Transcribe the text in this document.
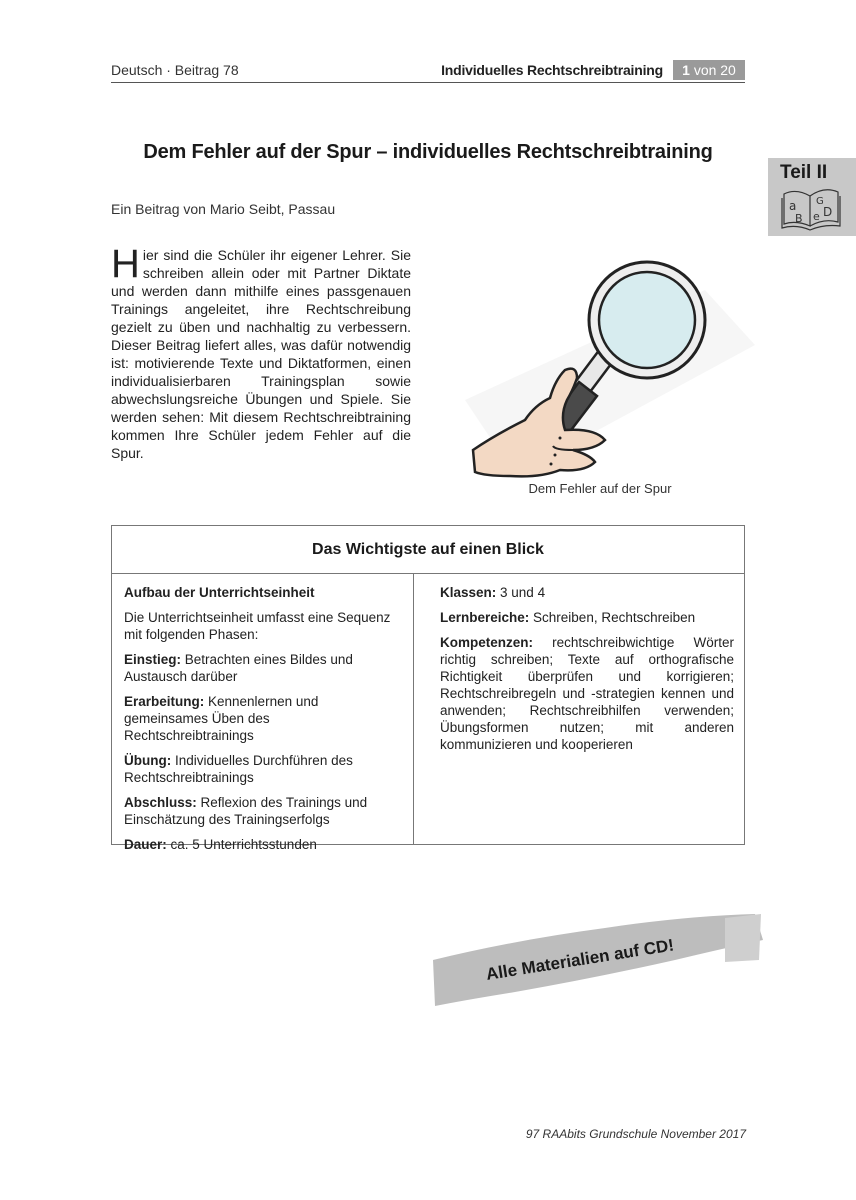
Deutsch · Beitrag 78	Individuelles Rechtschreibtraining	1 von 20
Teil II
a
B
G
e D
Dem Fehler auf der Spur – individuelles Rechtschreibtraining
Ein Beitrag von Mario Seibt, Passau
Hier sind die Schüler ihr eigener Lehrer. Sie schreiben allein oder mit Partner Diktate und werden dann mithilfe eines passgenauen Trainings angeleitet, ihre Rechtschreibung gezielt zu üben und nachhaltig zu verbessern. Dieser Beitrag liefert alles, was dafür notwendig ist: motivierende Texte und Diktatformen, einen individualisierbaren Trainingsplan sowie abwechslungsreiche Übungen und Spiele. Sie werden sehen: Mit diesem Rechtschreibtraining kommen Ihre Schüler jedem Fehler auf die Spur.
Dem Fehler auf der Spur
Das Wichtigste auf einen Blick

Aufbau der Unterrichtseinheit

Die Unterrichtseinheit umfasst eine Sequenz mit folgenden Phasen:

Einstieg: Betrachten eines Bildes und Austausch darüber

Erarbeitung: Kennenlernen und gemeinsames Üben des Rechtschreibtrainings

Übung: Individuelles Durchführen des Rechtschreibtrainings

Abschluss: Reflexion des Trainings und Einschätzung des Trainingserfolgs

Dauer: ca. 5 Unterrichtsstunden

Klassen: 3 und 4

Lernbereiche: Schreiben, Rechtschreiben

Kompetenzen: rechtschreibwichtige Wörter richtig schreiben; Texte auf orthografische Richtigkeit überprüfen und korrigieren; Rechtschreibregeln und -strategien kennen und anwenden; Rechtschreibhilfen verwenden; Übungsformen nutzen; mit anderen kommunizieren und kooperieren

Alle Materialien auf CD!
97 RAAbits Grundschule November 2017
